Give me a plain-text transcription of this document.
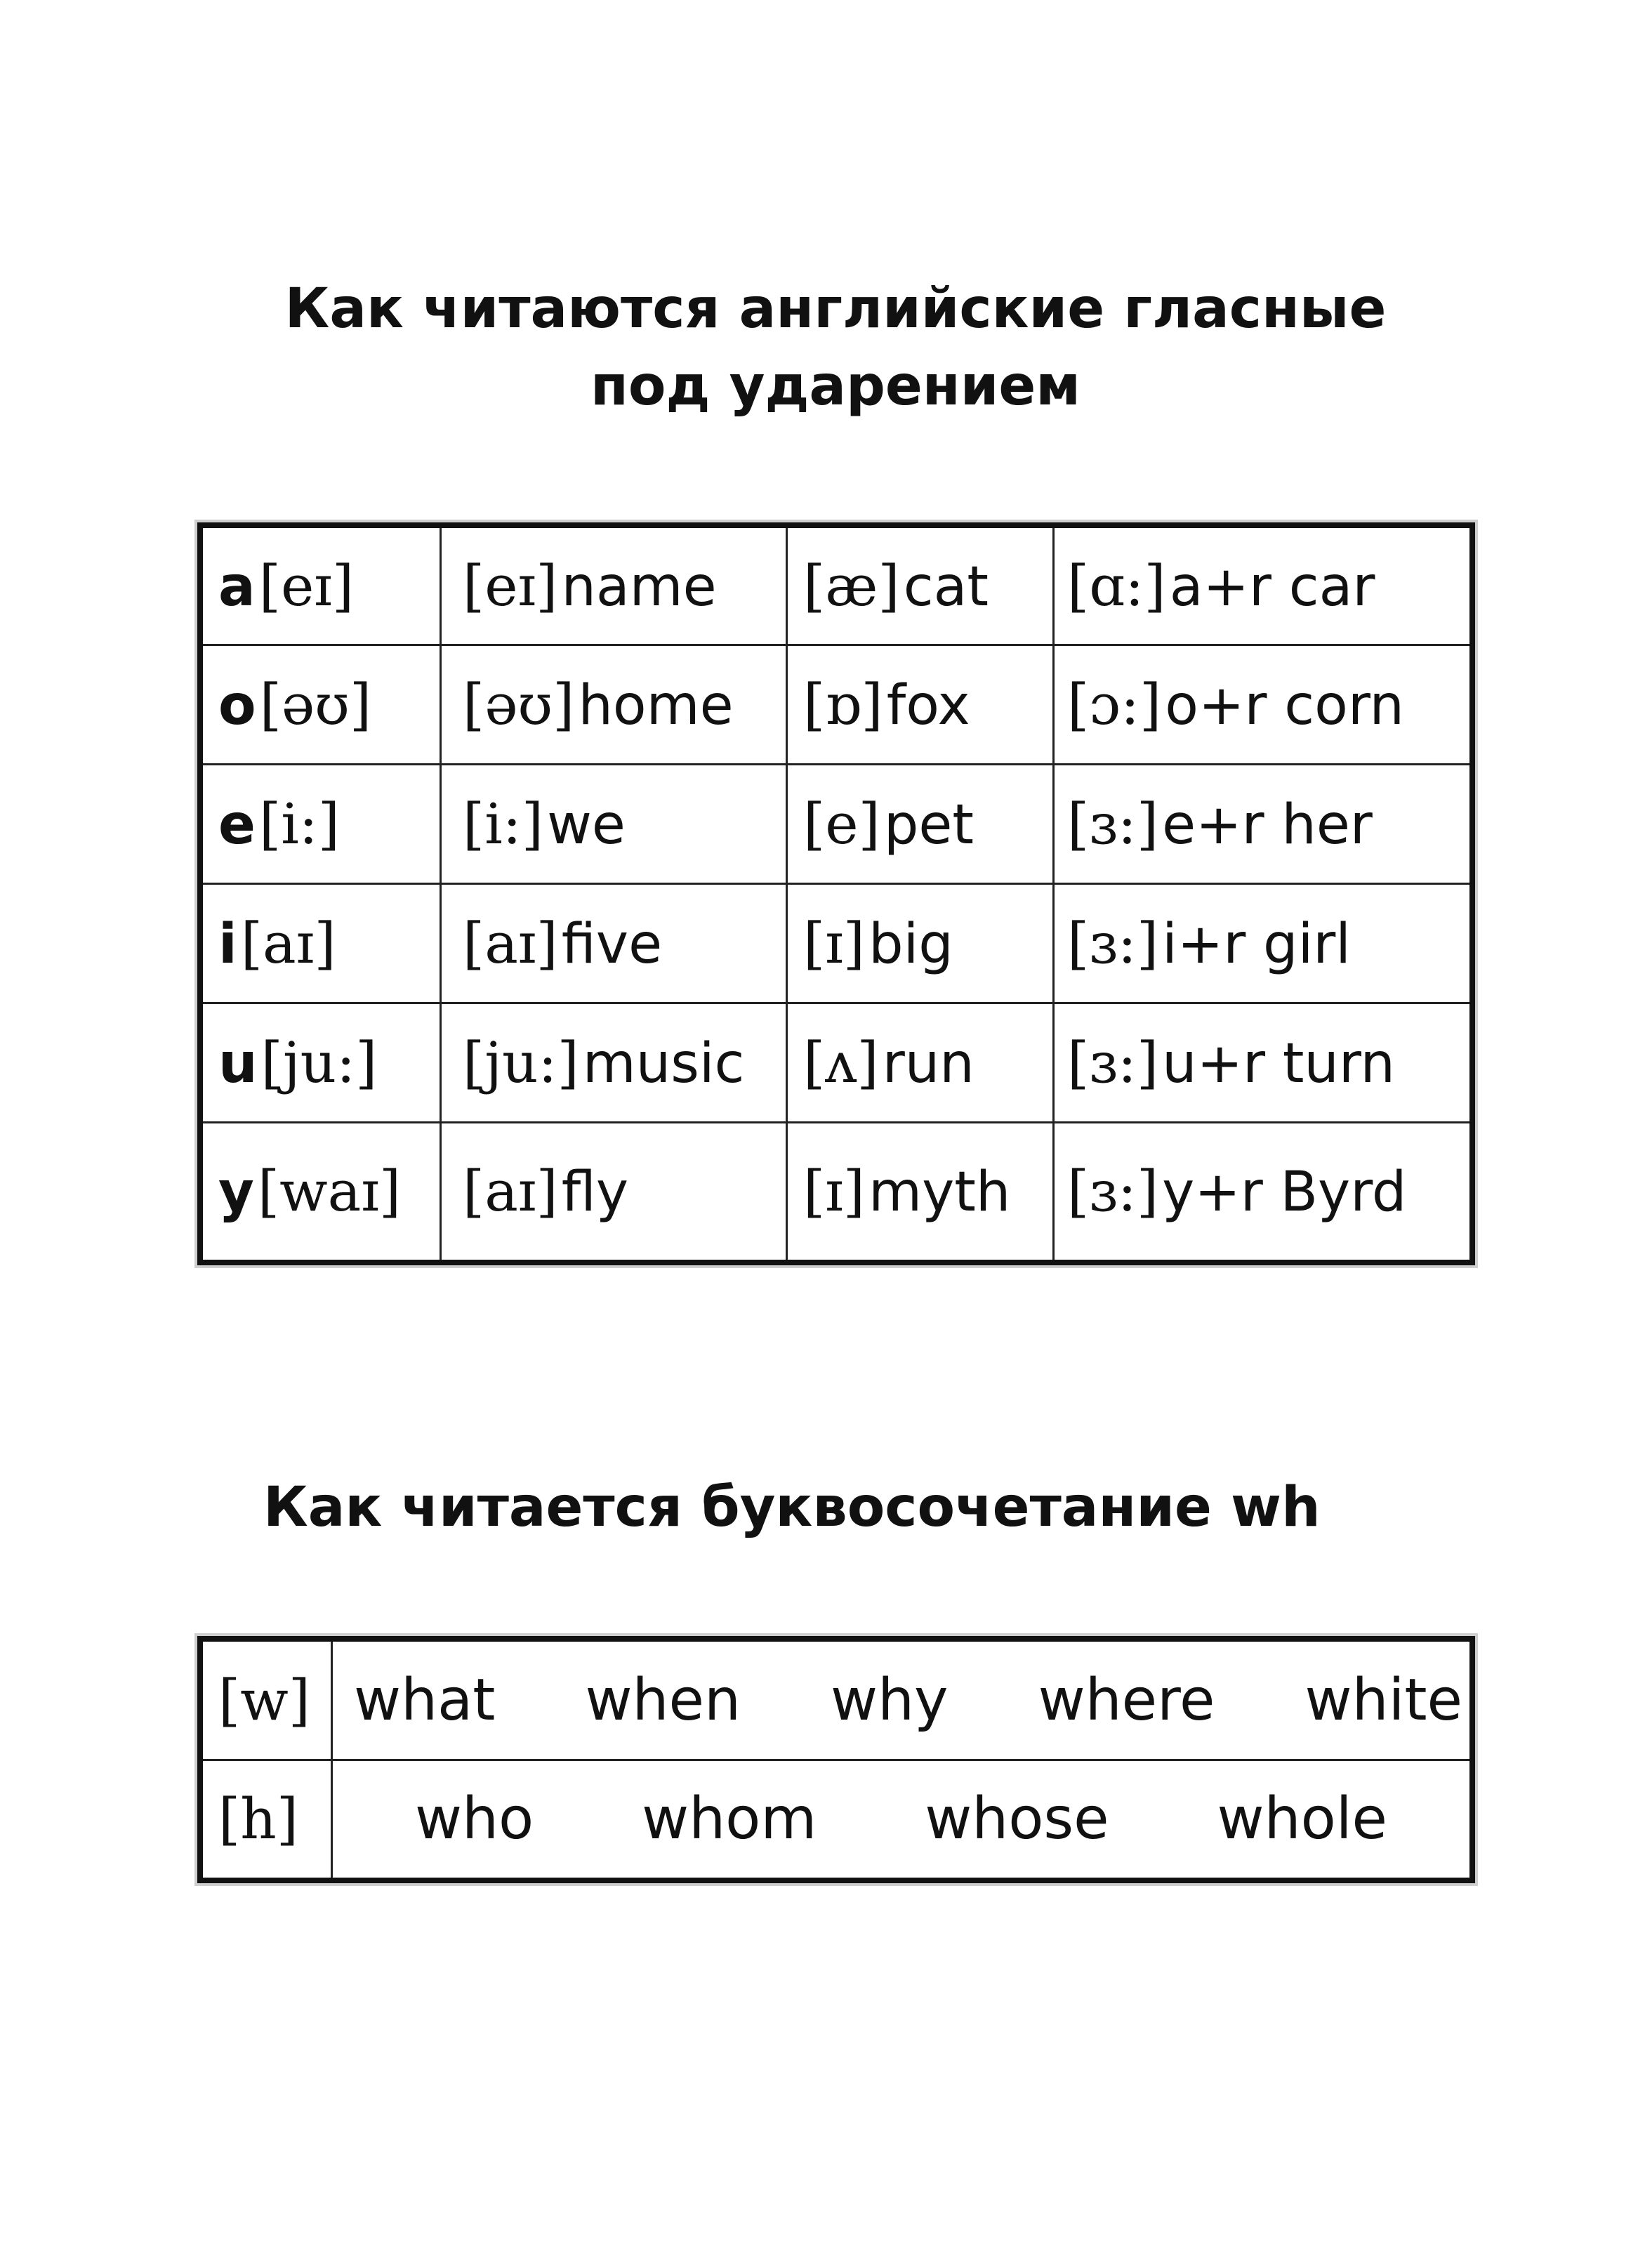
Как читаются английские гласные
под ударением
a [eɪ]	[eɪ] name	[æ] cat	[ɑ:] a+r car
o [əʊ]	[əʊ] home	[ɒ] fox	[ɔ:] o+r corn
e [i:]	[i:] we	[e] pet	[ɜ:] e+r her
i [aɪ]	[aɪ] five	[ɪ] big	[ɜ:] i+r girl
u [ju:]	[ju:] music	[ʌ] run	[ɜ:] u+r turn
y [waɪ]	[aɪ] fly	[ɪ] myth	[ɜ:] y+r Byrd
Как читается буквосочетание wh
[w]	what when why where white

[h]	who whom whose whole
